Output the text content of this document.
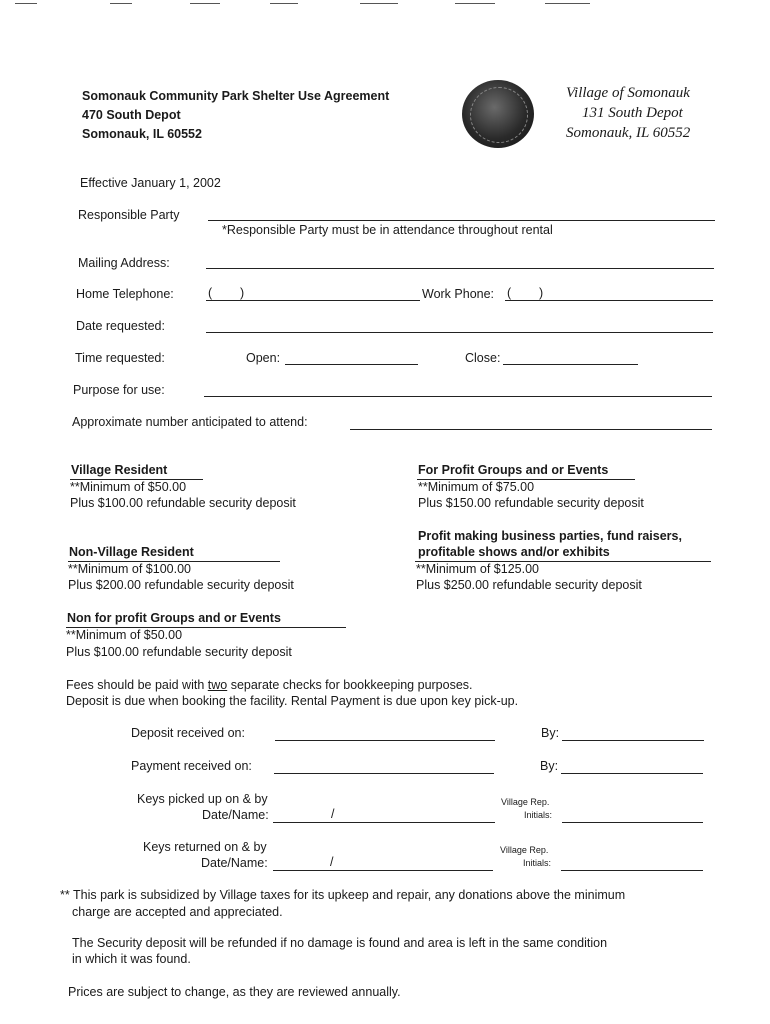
Somonauk Community Park Shelter Use Agreement
470 South Depot
Somonauk, IL 60552
Village of Somonauk
131 South Depot
Somonauk, IL 60552
Effective January 1, 2002
Responsible Party
*Responsible Party must be in attendance throughout rental
Mailing Address:
Home Telephone:	(        )	Work Phone: (        )
Date requested:
Time requested:	Open:	Close:
Purpose for use:
Approximate number anticipated to attend:
Village Resident
**Minimum of $50.00
Plus $100.00 refundable security deposit
Non-Village Resident
**Minimum of $100.00
Plus $200.00 refundable security deposit
Non for profit Groups and or Events
**Minimum of $50.00
Plus $100.00 refundable security deposit
For Profit Groups and or Events
**Minimum of $75.00
Plus $150.00 refundable security deposit
Profit making business parties, fund raisers,
profitable shows and/or exhibits
**Minimum of $125.00
Plus $250.00 refundable security deposit
Fees should be paid with two separate checks for bookkeeping purposes.
Deposit is due when booking the facility. Rental Payment is due upon key pick-up.
Deposit received on:	By:
Payment received on:	By:
Keys picked up on & by
Date/Name:	/
Village Rep.
Initials:
Keys returned on & by
Date/Name:	/
Village Rep.
Initials:
** This park is subsidized by Village taxes for its upkeep and repair, any donations above the minimum
charge are accepted and appreciated.
The Security deposit will be refunded if no damage is found and area is left in the same condition
in which it was found.
Prices are subject to change, as they are reviewed annually.
